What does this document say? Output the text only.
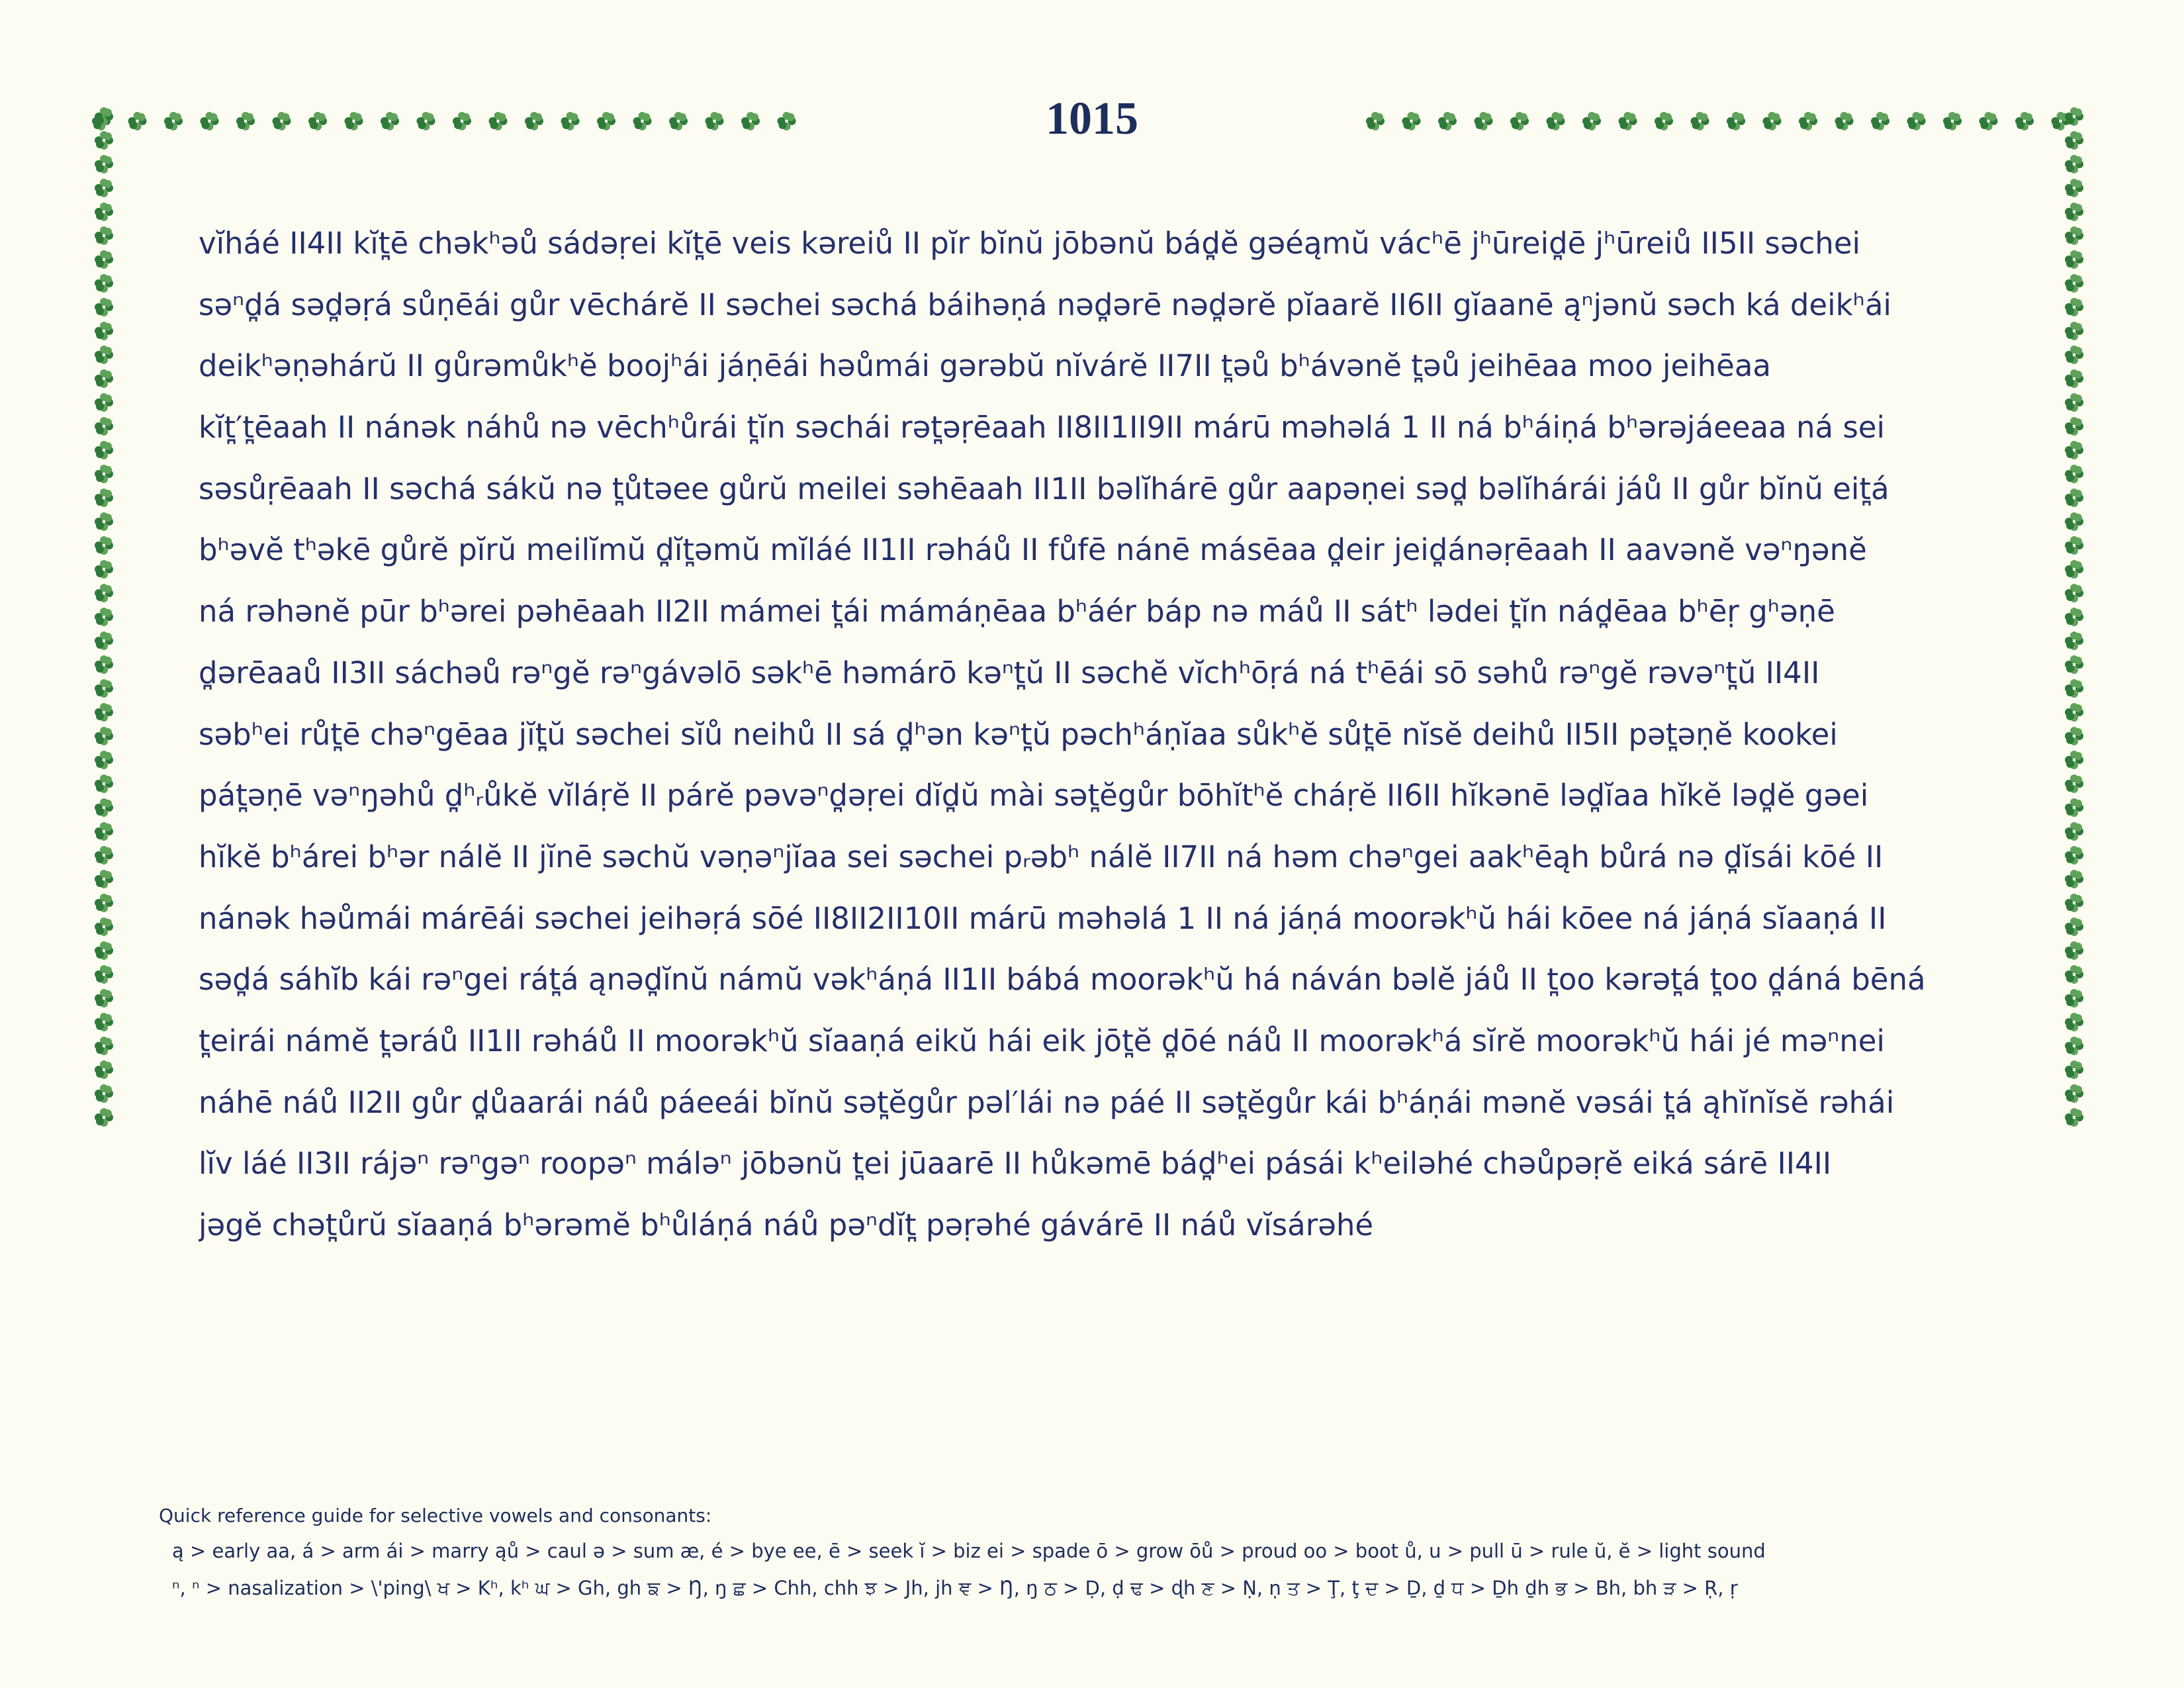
1015
vĭháé II4II kĭt̪ē chəkʰəů sádəṛei kĭt̪ē veis kəreiů II pĭr bĭnŭ jōbənŭ bád̪ĕ gəéąmŭ vácʰē jʰūreid̪ē jʰūreiů II5II səchei
səⁿd̪á səd̪əṛá sůṇēái gůr vēchárĕ II səchei səchá báihəṇá nəd̪ərē nəd̪ərĕ pĭaarĕ II6II gĭaanē ąⁿjənŭ səch ká deikʰái
deikʰəṇəhárŭ II gůrəmůkʰĕ boojʰái jáṇēái həůmái gərəbŭ nĭvárĕ II7II t̪əů bʰávənĕ t̪əů jeihēaa moo jeihēaa
kĭt̪′t̪ēaah II nánək náhů nə vēchʰůrái t̪ĭn səchái rət̪əṛēaah II8II1II9II márū məhəlá 1 II ná bʰáiṇá bʰərəjáeeaa ná sei
səsůṛēaah II səchá sákŭ nə t̪ůtəee gůrŭ meilei səhēaah II1II bəlĭhárē gůr aapəṇei səd̪ bəlĭhárái jáů II gůr bĭnŭ eit̪á
bʰəvĕ tʰəkē gůrĕ pĭrŭ meilĭmŭ d̪ĭt̪əmŭ mĭláé II1II rəháů II fůfē nánē másēaa d̪eir jeid̪ánəṛēaah II aavənĕ vəⁿŋənĕ
ná rəhənĕ pūr bʰərei pəhēaah II2II mámei t̪ái mámáṇēaa bʰáér báp nə máů II sátʰ lədei t̪ĭn nád̪ēaa bʰēṛ gʰəṇē
d̪ərēaaů II3II sáchəů rəⁿgĕ rəⁿgávəlō səkʰē həmárō kəⁿt̪ŭ II səchĕ vĭchʰōṛá ná tʰēái sō səhů rəⁿgĕ rəvəⁿt̪ŭ II4II
səbʰei růt̪ē chəⁿgēaa jĭt̪ŭ səchei sĭů neihů II sá d̪ʰən kəⁿt̪ŭ pəchʰáṇĭaa sůkʰĕ sůt̪ē nĭsĕ deihů II5II pət̪əṇĕ kookei
pát̪əṇē vəⁿŋəhů d̪ʰᵣůkĕ vĭláṛĕ II párĕ pəvəⁿd̪əṛei dĭd̪ŭ mài sət̪ĕgůr bōhĭtʰĕ cháṛĕ II6II hĭkənē ləd̪ĭaa hĭkĕ ləd̪ĕ gəei
hĭkĕ bʰárei bʰər nálĕ II jĭnē səchŭ vəṇəⁿjĭaa sei səchei pᵣəbʰ nálĕ II7II ná həm chəⁿgei aakʰēąh bůrá nə d̪ĭsái kōé II
nánək həůmái márēái səchei jeihəṛá sōé II8II2II10II márū məhəlá 1 II ná jáṇá moorəkʰŭ hái kōee ná jáṇá sĭaaṇá II
səd̪á sáhĭb kái rəⁿgei rát̪á ąnəd̪ĭnŭ námŭ vəkʰáṇá II1II bábá moorəkʰŭ há náván bəlĕ jáů II t̪oo kərət̪á t̪oo d̪áná bēná
t̪eirái námĕ t̪əráů II1II rəháů II moorəkʰŭ sĭaaṇá eikŭ hái eik jōt̪ĕ d̪ōé náů II moorəkʰá sĭrĕ moorəkʰŭ hái jé məⁿnei
náhē náů II2II gůr d̪ůaarái náů páeeái bĭnŭ sət̪ĕgůr pəl′lái nə páé II sət̪ĕgůr kái bʰáṇái mənĕ vəsái t̪á ąhĭnĭsĕ rəhái
lĭv láé II3II rájəⁿ rəⁿgəⁿ roopəⁿ máləⁿ jōbənŭ t̪ei jūaarē II hůkəmē bád̪ʰei pásái kʰeiləhé chəůpəṛĕ eiká sárē II4II
jəgĕ chət̪ůrŭ sĭaaṇá bʰərəmĕ bʰůláṇá náů pəⁿdĭt̪ pəṛəhé gávárē II náů vĭsárəhé
Quick reference guide for selective vowels and consonants:
ą > early aa, á > arm ái > marry ąů > caul ə > sum æ, é > bye ee, ē > seek ĭ > biz ei > spade ō > grow ōů > proud oo > boot ů, u > pull ū > rule ŭ, ĕ > light sound
ⁿ, ⁿ > nasalization > \'ping\ ਖ > Kʰ, kʰ ਘ > Gh, gh ਙ > Ŋ, ŋ ਛ > Chh, chh ਝ > Jh, jh ਞ > Ŋ, ŋ ਠ > Ḍ, ḍ ਢ > ɖh ਣ > Ṇ, ṇ ਤ > Ţ, ţ ਦ > Ḏ, ḏ ਧ > Ḏh ḏh ਭ > Bh, bh ੜ > Ṛ, ṛ
